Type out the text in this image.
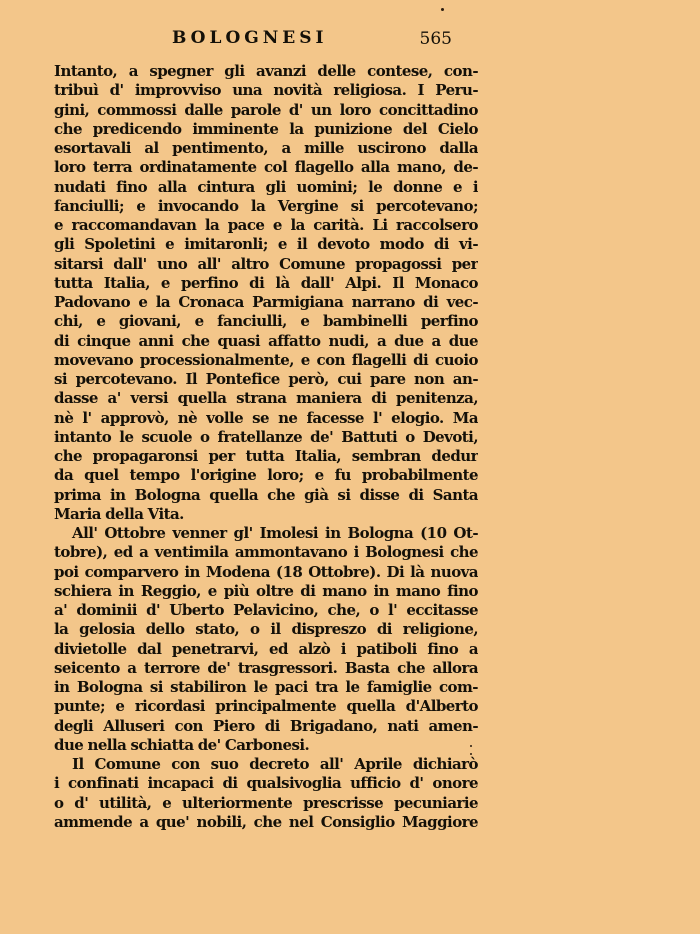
BOLOGNESI	565
Intanto, a spegner gli avanzi delle contese, con-
tribuì d' improvviso una novità religiosa. I Peru-
gini, commossi dalle parole d' un loro concittadino
che predicendo imminente la punizione del Cielo
esortavali al pentimento, a mille uscirono dalla
loro terra ordinatamente col flagello alla mano, de-
nudati fino alla cintura gli uomini; le donne e i
fanciulli; e invocando la Vergine si percotevano;
e raccomandavan la pace e la carità. Li raccolsero
gli Spoletini e imitaronli; e il devoto modo di vi-
sitarsi dall' uno all' altro Comune propagossi per
tutta Italia, e perfino di là dall' Alpi. Il Monaco
Padovano e la Cronaca Parmigiana narrano di vec-
chi, e giovani, e fanciulli, e bambinelli perfino
di cinque anni che quasi affatto nudi, a due a due
movevano processionalmente, e con flagelli di cuoio
si percotevano. Il Pontefice però, cui pare non an-
dasse a' versi quella strana maniera di penitenza,
nè l' approvò, nè volle se ne facesse l' elogio. Ma
intanto le scuole o fratellanze de' Battuti o Devoti,
che propagaronsi per tutta Italia, sembran dedur
da quel tempo l'origine loro; e fu probabilmente
prima in Bologna quella che già si disse di Santa
Maria della Vita.
All' Ottobre venner gl' Imolesi in Bologna (10 Ot-
tobre), ed a ventimila ammontavano i Bolognesi che
poi comparvero in Modena (18 Ottobre). Di là nuova
schiera in Reggio, e più oltre di mano in mano fino
a' dominii d' Uberto Pelavicino, che, o l' eccitasse
la gelosia dello stato, o il dispreszo di religione,
divietolle dal penetrarvi, ed alzò i patiboli fino a
seicento a terrore de' trasgressori. Basta che allora
in Bologna si stabiliron le paci tra le famiglie com-
punte; e ricordasi principalmente quella d'Alberto
degli Alluseri con Piero di Brigadano, nati amen-
due nella schiatta de' Carbonesi.
Il Comune con suo decreto all' Aprile dichiarò
i confinati incapaci di qualsivoglia ufficio d' onore
o d' utilità, e ulteriormente prescrisse pecuniarie
ammende a que' nobili, che nel Consiglio Maggiore
